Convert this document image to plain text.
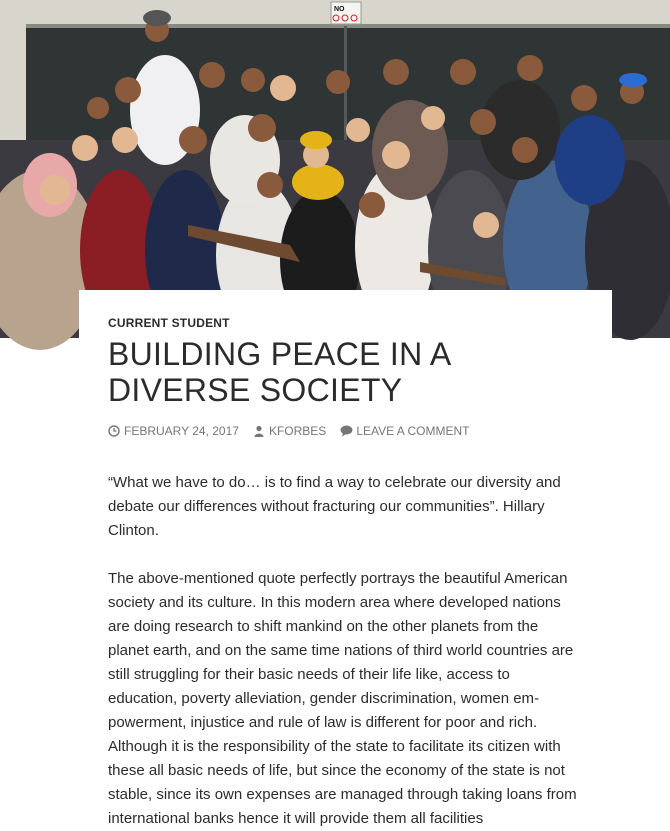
NO
CURRENT STUDENT
BUILDING PEACE IN A DIVERSE SOCIETY
FEBRUARY 24, 2017	KFORBES	LEAVE A COMMENT

“What we have to do… is to find a way to celebrate our diversity and debate our differences without fracturing our communities”. Hillary Clinton.

The above-mentioned quote perfectly portrays the beautiful American society and its culture. In this modern area where developed nations are doing research to shift mankind on the other planets from the planet earth, and on the same time nations of third world countries are still struggling for their basic needs of their life like, access to education, poverty alleviation, gender discrimination, women empowerment, injustice and rule of law is different for poor and rich. Although it is the responsibility of the state to facilitate its citizen with these all basic needs of life, but since the economy of the state is not stable, since its own expenses are managed through taking loans from international banks hence it will provide them all facilities
